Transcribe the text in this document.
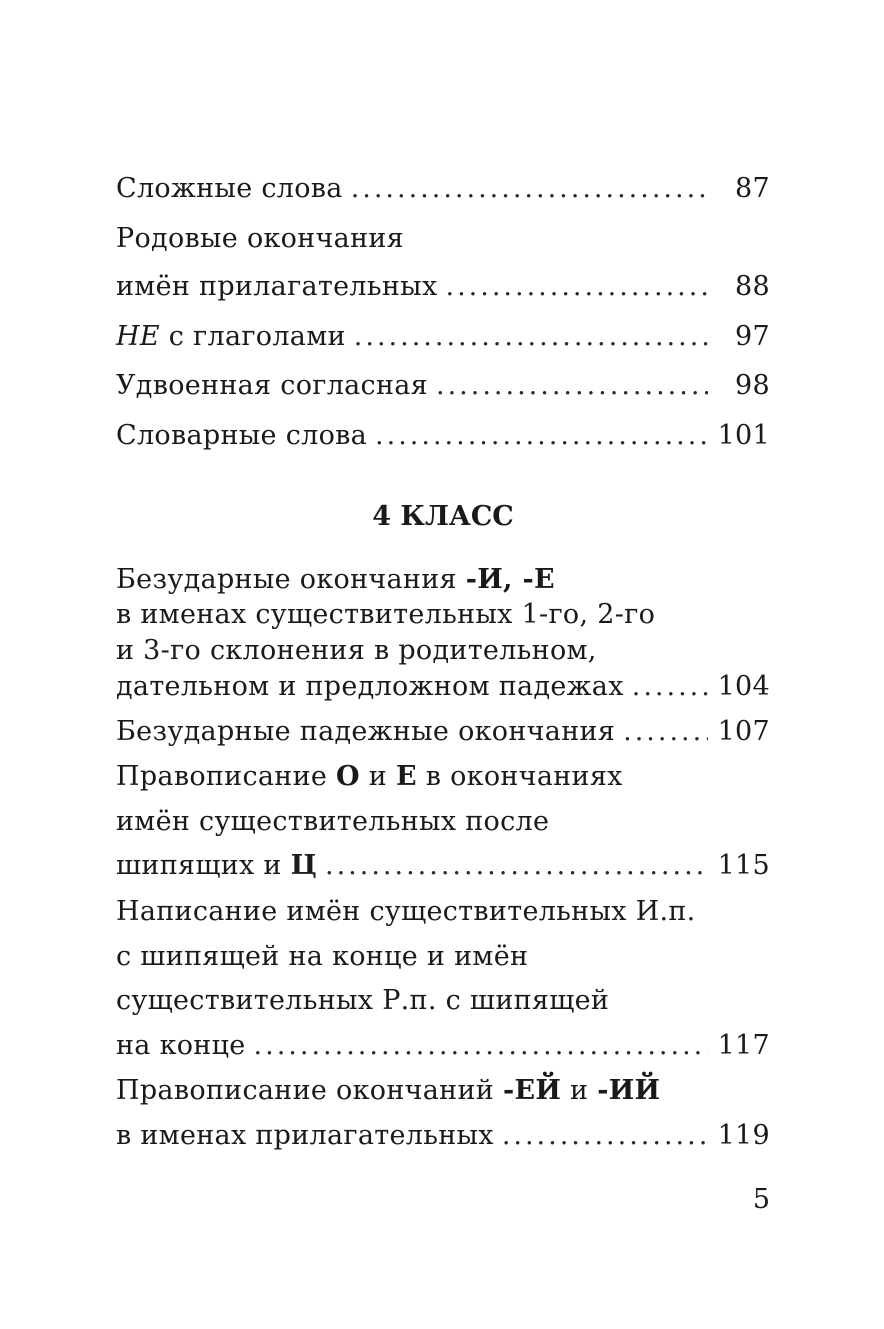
Сложные слова .....	87
Родовые окончания
имён прилагательных .....	88
НЕ с глаголами .....	97
Удвоенная согласная .....	98
Словарные слова .....	101
4 КЛАСС
Безударные окончания -И, -Е
в именах существительных 1-го, 2-го
и 3-го склонения в родительном,
дательном и предложном падежах .....	104
Безударные падежные окончания .....	107
Правописание О и Е в окончаниях
имён существительных после
шипящих и Ц .....	115
Написание имён существительных И.п.
с шипящей на конце и имён
существительных Р.п. с шипящей
на конце .....	117
Правописание окончаний -ЕЙ и -ИЙ
в именах прилагательных .....	119
5
